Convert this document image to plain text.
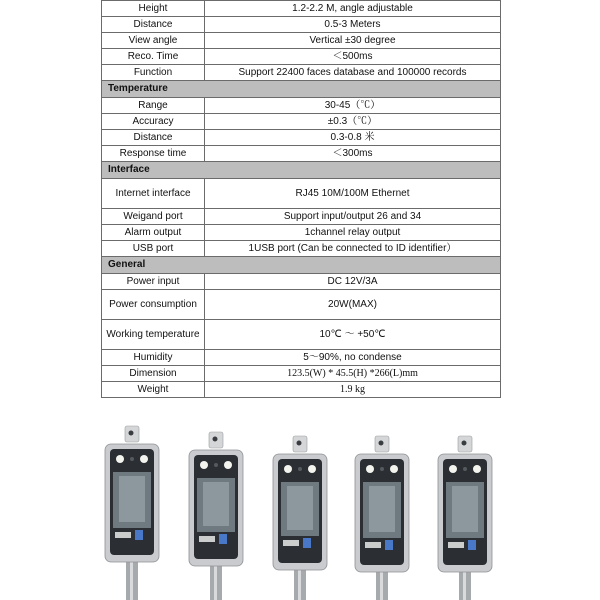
Height	1.2-2.2 M, angle adjustable
Distance	0.5-3 Meters
View angle	Vertical ±30 degree
Reco. Time	＜500ms
Function	Support 22400 faces database and 100000 records
Temperature	
Range	30-45（℃）
Accuracy	±0.3（℃）
Distance	0.3-0.8 米
Response time	＜300ms
Interface	
Internet interface	RJ45 10M/100M Ethernet
Weigand port	Support input/output 26 and 34
Alarm output	1channel relay output
USB port	1USB port (Can be connected to ID identifier）
General	
Power input	DC 12V/3A
Power consumption	20W(MAX)
Working temperature	10℃ ～ +50℃
Humidity	5～90%, no condense
Dimension	123.5(W) * 45.5(H) *266(L)mm
Weight	1.9 kg
